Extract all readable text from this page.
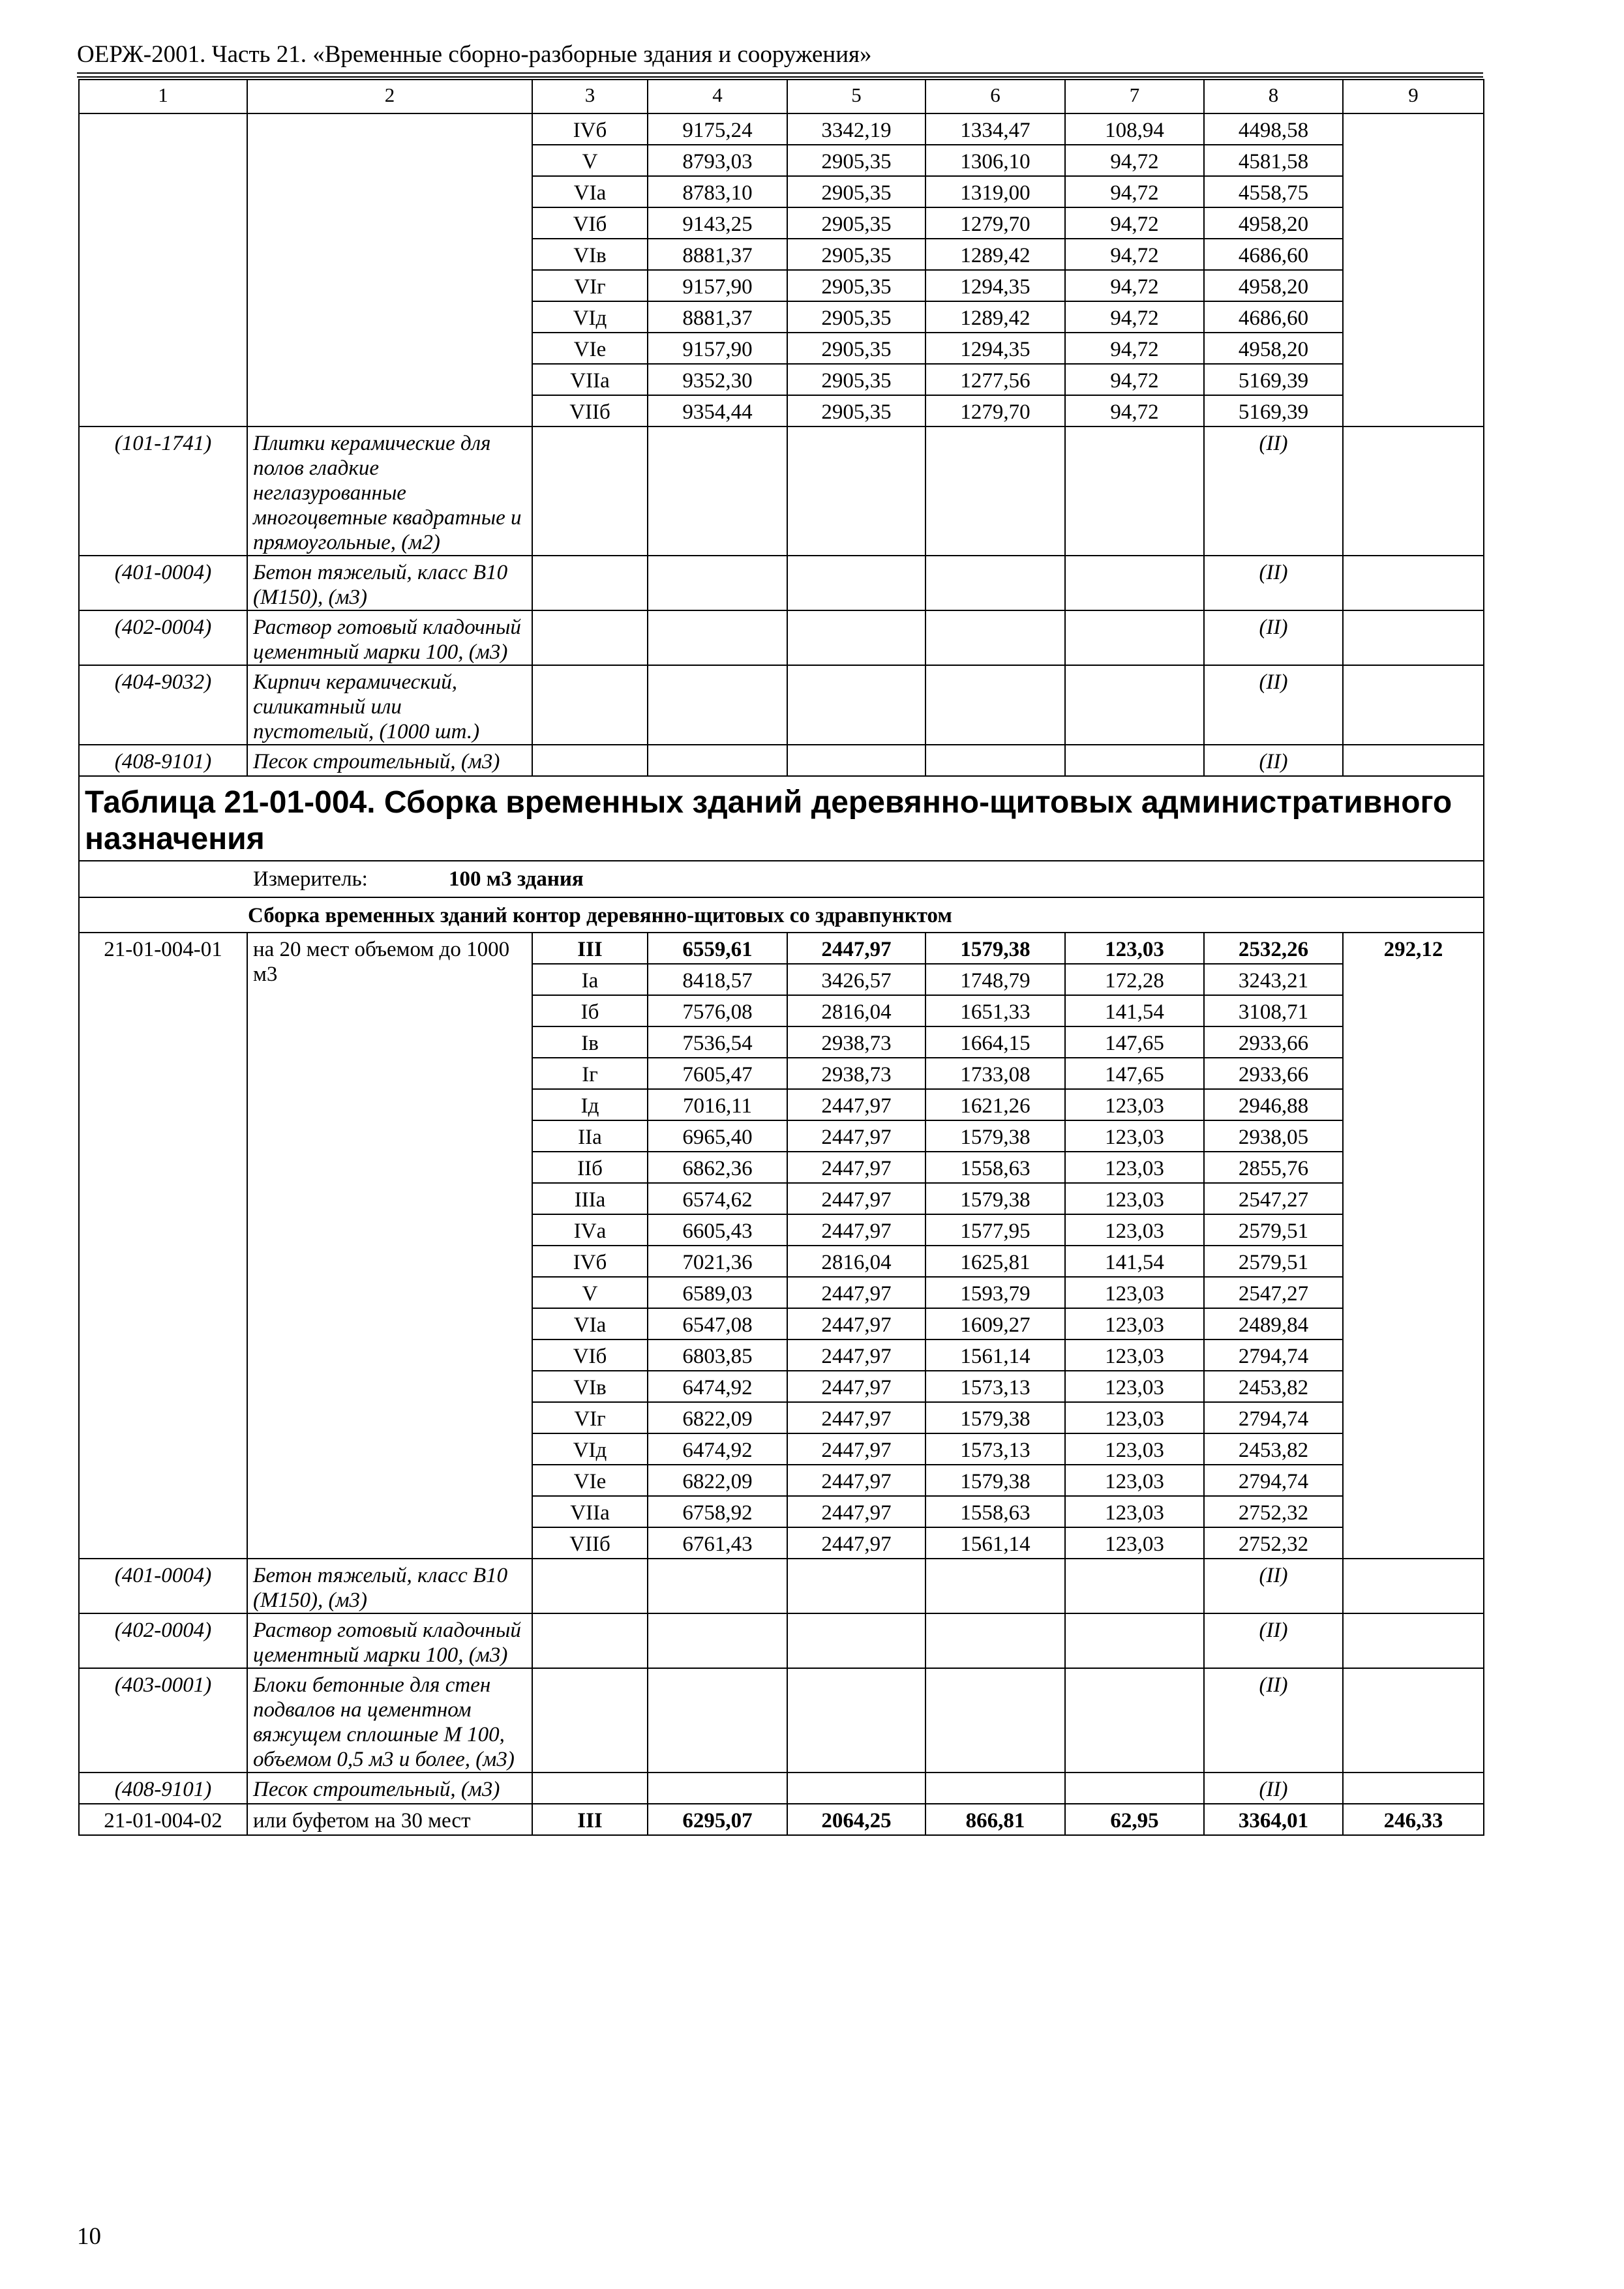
ОЕРЖ-2001. Часть 21. «Временные сборно-разборные здания и сооружения»
1	2	3	4	5	6	7	8	9
		IVб	9175,24	3342,19	1334,47	108,94	4498,58	
		V	8793,03	2905,35	1306,10	94,72	4581,58	
		VIа	8783,10	2905,35	1319,00	94,72	4558,75	
		VIб	9143,25	2905,35	1279,70	94,72	4958,20	
		VIв	8881,37	2905,35	1289,42	94,72	4686,60	
		VIг	9157,90	2905,35	1294,35	94,72	4958,20	
		VIд	8881,37	2905,35	1289,42	94,72	4686,60	
		VIе	9157,90	2905,35	1294,35	94,72	4958,20	
		VIIа	9352,30	2905,35	1277,56	94,72	5169,39	
		VIIб	9354,44	2905,35	1279,70	94,72	5169,39	
(101-1741)	Плитки керамические для полов гладкие неглазурованные многоцветные квадратные и прямоугольные, (м2)						(II)	
(401-0004)	Бетон тяжелый, класс В10 (М150), (м3)						(II)	
(402-0004)	Раствор готовый кладочный цементный марки 100, (м3)						(II)	
(404-9032)	Кирпич керамический, силикатный или пустотелый, (1000 шт.)						(II)	
(408-9101)	Песок строительный, (м3)						(II)	
Таблица 21-01-004. Сборка временных зданий деревянно-щитовых административного назначения								
Измеритель: 100 м3 здания								
Сборка временных зданий контор деревянно-щитовых со здравпунктом								
21-01-004-01	на 20 мест объемом до 1000 м3	III	6559,61	2447,97	1579,38	123,03	2532,26	292,12
		Iа	8418,57	3426,57	1748,79	172,28	3243,21	
		Iб	7576,08	2816,04	1651,33	141,54	3108,71	
		Iв	7536,54	2938,73	1664,15	147,65	2933,66	
		Iг	7605,47	2938,73	1733,08	147,65	2933,66	
		Iд	7016,11	2447,97	1621,26	123,03	2946,88	
		IIа	6965,40	2447,97	1579,38	123,03	2938,05	
		IIб	6862,36	2447,97	1558,63	123,03	2855,76	
		IIIа	6574,62	2447,97	1579,38	123,03	2547,27	
		IVа	6605,43	2447,97	1577,95	123,03	2579,51	
		IVб	7021,36	2816,04	1625,81	141,54	2579,51	
		V	6589,03	2447,97	1593,79	123,03	2547,27	
		VIа	6547,08	2447,97	1609,27	123,03	2489,84	
		VIб	6803,85	2447,97	1561,14	123,03	2794,74	
		VIв	6474,92	2447,97	1573,13	123,03	2453,82	
		VIг	6822,09	2447,97	1579,38	123,03	2794,74	
		VIд	6474,92	2447,97	1573,13	123,03	2453,82	
		VIе	6822,09	2447,97	1579,38	123,03	2794,74	
		VIIа	6758,92	2447,97	1558,63	123,03	2752,32	
		VIIб	6761,43	2447,97	1561,14	123,03	2752,32	
(401-0004)	Бетон тяжелый, класс В10 (М150), (м3)						(II)	
(402-0004)	Раствор готовый кладочный цементный марки 100, (м3)						(II)	
(403-0001)	Блоки бетонные для стен подвалов на цементном вяжущем сплошные М 100, объемом 0,5 м3 и более, (м3)						(II)	
(408-9101)	Песок строительный, (м3)						(II)	
21-01-004-02	или буфетом на 30 мест	III	6295,07	2064,25	866,81	62,95	3364,01	246,33
10
